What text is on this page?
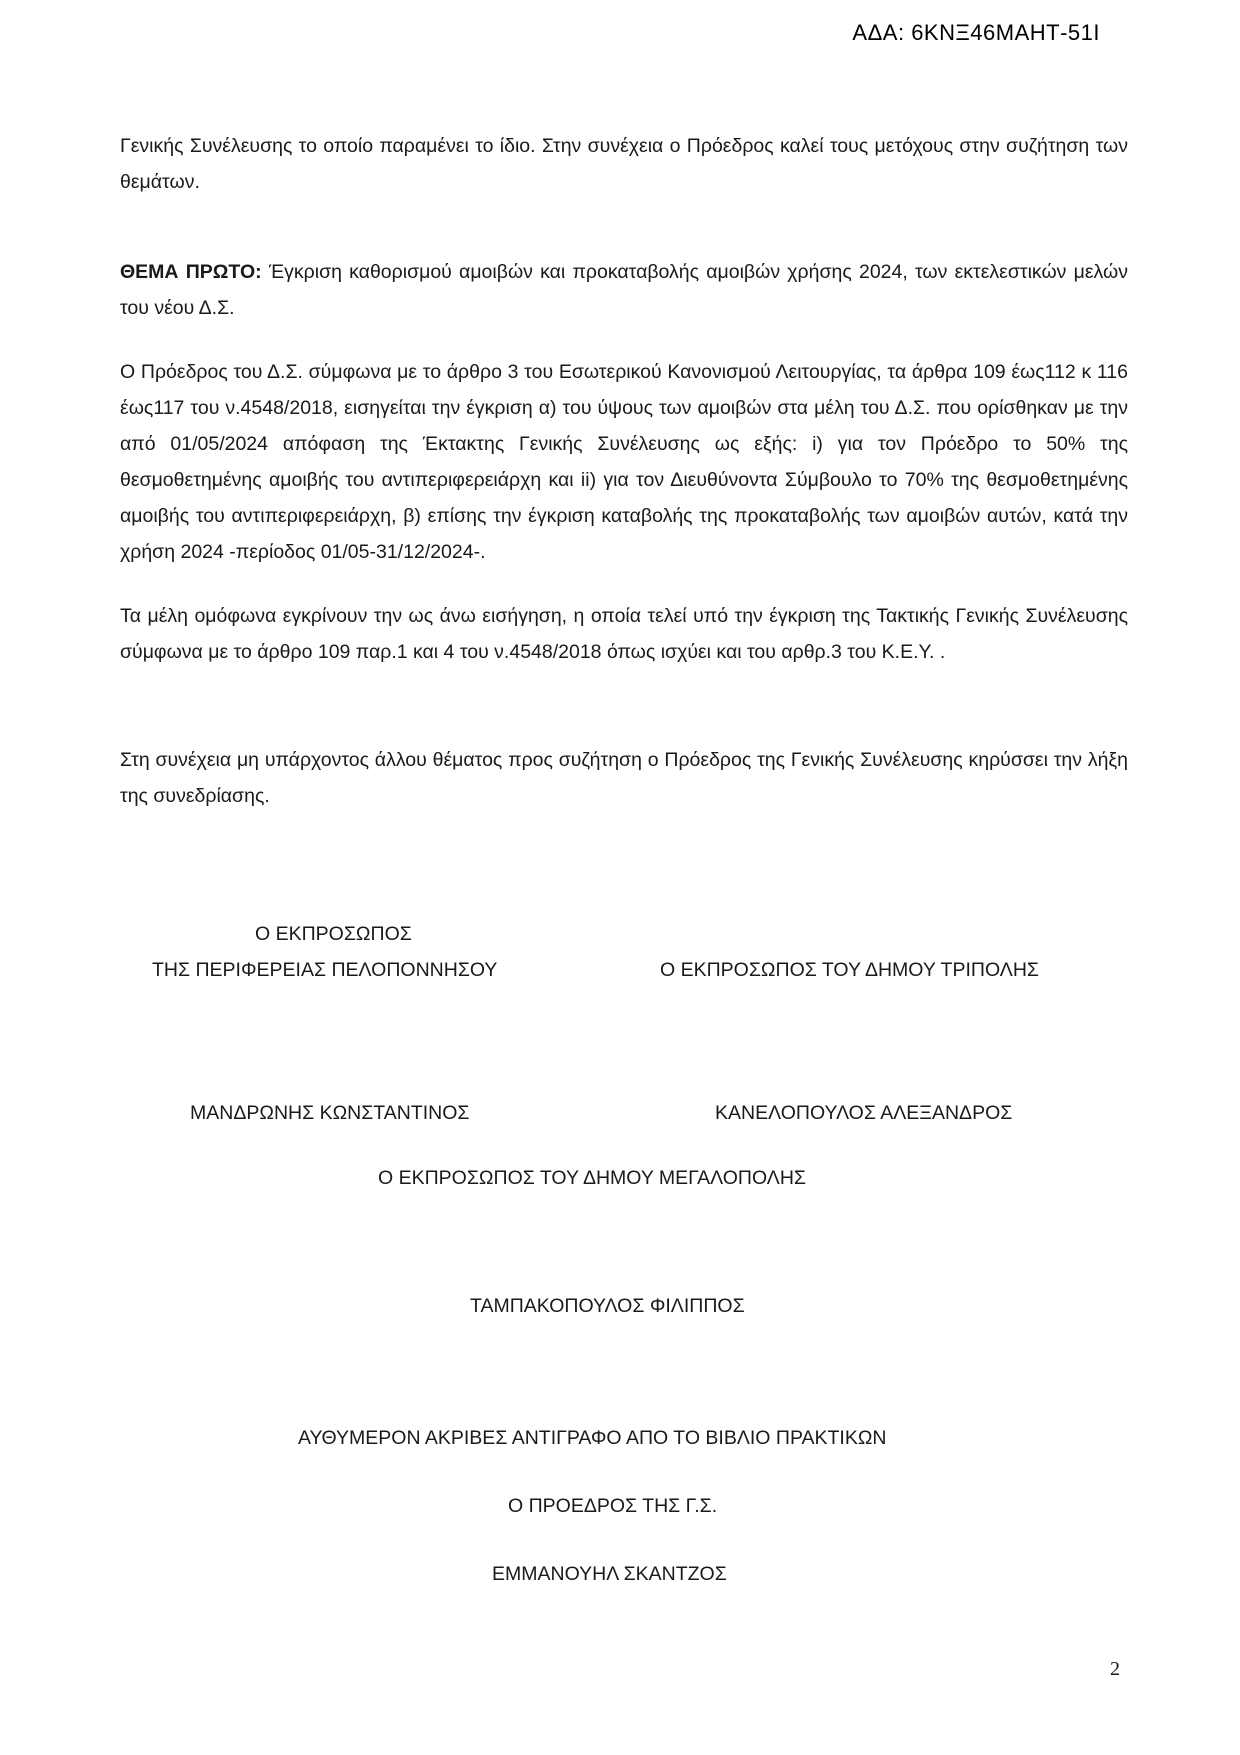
ΑΔΑ: 6ΚΝΞ46ΜΑΗΤ-51Ι

Γενικής Συνέλευσης το οποίο παραμένει το ίδιο. Στην συνέχεια ο Πρόεδρος καλεί τους μετόχους στην συζήτηση των θεμάτων.

ΘΕΜΑ ΠΡΩΤΟ: Έγκριση καθορισμού αμοιβών και προκαταβολής αμοιβών χρήσης 2024, των εκτελεστικών μελών του νέου Δ.Σ.

Ο Πρόεδρος του Δ.Σ. σύμφωνα με το άρθρο 3 του Εσωτερικού Κανονισμού Λειτουργίας, τα άρθρα 109 έως112 κ 116 έως117 του ν.4548/2018, εισηγείται την έγκριση α) του ύψους των αμοιβών στα μέλη του Δ.Σ. που ορίσθηκαν με την από 01/05/2024 απόφαση της Έκτακτης Γενικής Συνέλευσης ως εξής: i) για τον Πρόεδρο το 50% της θεσμοθετημένης αμοιβής του αντιπεριφερειάρχη και ii) για τον Διευθύνοντα Σύμβουλο το 70% της θεσμοθετημένης αμοιβής του αντιπεριφερειάρχη, β) επίσης την έγκριση καταβολής της προκαταβολής των αμοιβών αυτών, κατά την χρήση 2024 -περίοδος 01/05-31/12/2024-.

Τα μέλη ομόφωνα εγκρίνουν την ως άνω εισήγηση, η οποία τελεί υπό την έγκριση της Τακτικής Γενικής Συνέλευσης σύμφωνα με το άρθρο 109 παρ.1 και 4 του ν.4548/2018 όπως ισχύει και του αρθρ.3 του Κ.Ε.Υ. .

Στη συνέχεια μη υπάρχοντος άλλου θέματος προς συζήτηση ο Πρόεδρος της Γενικής Συνέλευσης κηρύσσει την λήξη της συνεδρίασης.

Ο ΕΚΠΡΟΣΩΠΟΣ
ΤΗΣ ΠΕΡΙΦΕΡΕΙΑΣ ΠΕΛΟΠΟΝΝΗΣΟΥ	Ο ΕΚΠΡΟΣΩΠΟΣ ΤΟΥ ΔΗΜΟΥ ΤΡΙΠΟΛΗΣ
ΜΑΝΔΡΩΝΗΣ ΚΩΝΣΤΑΝΤΙΝΟΣ	ΚΑΝΕΛΟΠΟΥΛΟΣ ΑΛΕΞΑΝΔΡΟΣ
Ο ΕΚΠΡΟΣΩΠΟΣ ΤΟΥ ΔΗΜΟΥ ΜΕΓΑΛΟΠΟΛΗΣ
ΤΑΜΠΑΚΟΠΟΥΛΟΣ ΦΙΛΙΠΠΟΣ
ΑΥΘΥΜΕΡΟΝ ΑΚΡΙΒΕΣ ΑΝΤΙΓΡΑΦΟ ΑΠΟ ΤΟ ΒΙΒΛΙΟ ΠΡΑΚΤΙΚΩΝ
Ο ΠΡΟΕΔΡΟΣ ΤΗΣ Γ.Σ.
ΕΜΜΑΝΟΥΗΛ ΣΚΑΝΤΖΟΣ
2
